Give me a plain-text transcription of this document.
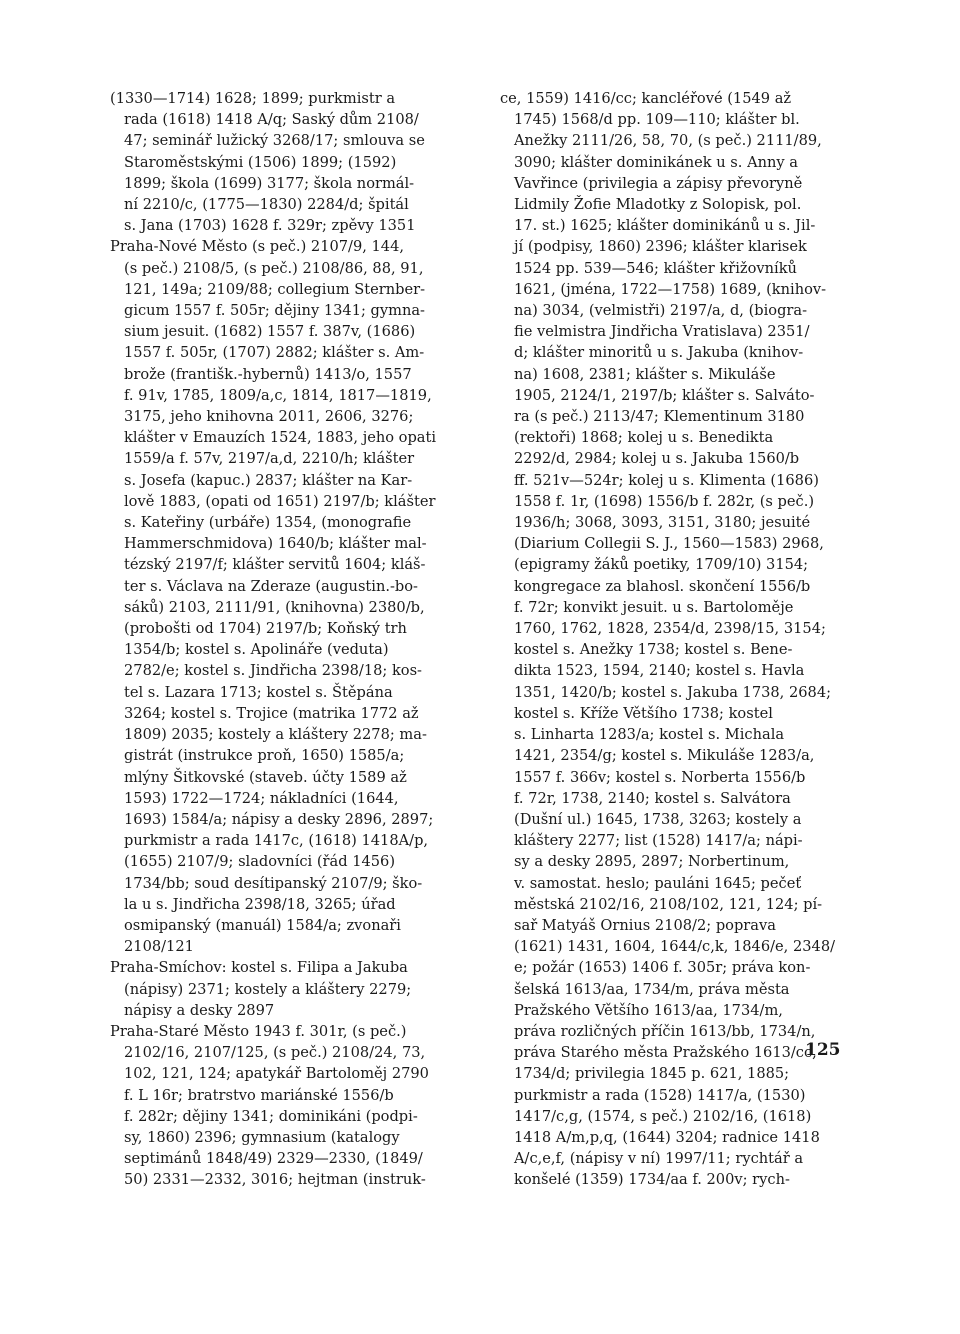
(1330—1714) 1628; 1899; purkmistr a
rada (1618) 1418 A/q; Saský dům 2108/
47; seminář lužický 3268/17; smlouva se
Staroměstskými (1506) 1899; (1592)
1899; škola (1699) 3177; škola normál-
ní 2210/c, (1775—1830) 2284/d; špitál
s. Jana (1703) 1628 f. 329r; zpěvy 1351
Praha-Nové Město (s peč.) 2107/9, 144,
(s peč.) 2108/5, (s peč.) 2108/86, 88, 91,
121, 149a; 2109/88; collegium Sternber-
gicum 1557 f. 505r; dějiny 1341; gymna-
sium jesuit. (1682) 1557 f. 387v, (1686)
1557 f. 505r, (1707) 2882; klášter s. Am-
brože (františk.-hybernů) 1413/o, 1557
f. 91v, 1785, 1809/a,c, 1814, 1817—1819,
3175, jeho knihovna 2011, 2606, 3276;
klášter v Emauzích 1524, 1883, jeho opati
1559/a f. 57v, 2197/a,d, 2210/h; klášter
s. Josefa (kapuc.) 2837; klášter na Kar-
lově 1883, (opati od 1651) 2197/b; klášter
s. Kateřiny (urbáře) 1354, (monografie
Hammerschmidova) 1640/b; klášter mal-
tézský 2197/f; klášter servitů 1604; kláš-
ter s. Václava na Zderaze (augustin.-bo-
sáků) 2103, 2111/91, (knihovna) 2380/b,
(probošti od 1704) 2197/b; Koňský trh
1354/b; kostel s. Apolináře (veduta)
2782/e; kostel s. Jindřicha 2398/18; kos-
tel s. Lazara 1713; kostel s. Štěpána
3264; kostel s. Trojice (matrika 1772 až
1809) 2035; kostely a kláštery 2278; ma-
gistrát (instrukce proň, 1650) 1585/a;
mlýny Šitkovské (staveb. účty 1589 až
1593) 1722—1724; nákladníci (1644,
1693) 1584/a; nápisy a desky 2896, 2897;
purkmistr a rada 1417c, (1618) 1418A/p,
(1655) 2107/9; sladovníci (řád 1456)
1734/bb; soud desítipanský 2107/9; ško-
la u s. Jindřicha 2398/18, 3265; úřad
osmipanský (manuál) 1584/a; zvonaři
2108/121
Praha-Smíchov: kostel s. Filipa a Jakuba
(nápisy) 2371; kostely a kláštery 2279;
nápisy a desky 2897
Praha-Staré Město 1943 f. 301r, (s peč.)
2102/16, 2107/125, (s peč.) 2108/24, 73,
102, 121, 124; apatykář Bartoloměj 2790
f. L 16r; bratrstvo mariánské 1556/b
f. 282r; dějiny 1341; dominikáni (podpi-
sy, 1860) 2396; gymnasium (katalogy
septimánů 1848/49) 2329—2330, (1849/
50) 2331—2332, 3016; hejtman (instruk-
ce, 1559) 1416/cc; kancléřové (1549 až
1745) 1568/d pp. 109—110; klášter bl.
Anežky 2111/26, 58, 70, (s peč.) 2111/89,
3090; klášter dominikánek u s. Anny a
Vavřince (privilegia a zápisy převoryně
Lidmily Žofie Mladotky z Solopisk, pol.
17. st.) 1625; klášter dominikánů u s. Jil-
jí (podpisy, 1860) 2396; klášter klarisek
1524 pp. 539—546; klášter křižovníků
1621, (jména, 1722—1758) 1689, (knihov-
na) 3034, (velmistři) 2197/a, d, (biogra-
fie velmistra Jindřicha Vratislava) 2351/
d; klášter minoritů u s. Jakuba (knihov-
na) 1608, 2381; klášter s. Mikuláše
1905, 2124/1, 2197/b; klášter s. Salváto-
ra (s peč.) 2113/47; Klementinum 3180
(rektoři) 1868; kolej u s. Benedikta
2292/d, 2984; kolej u s. Jakuba 1560/b
ff. 521v—524r; kolej u s. Klimenta (1686)
1558 f. 1r, (1698) 1556/b f. 282r, (s peč.)
1936/h; 3068, 3093, 3151, 3180; jesuité
(Diarium Collegii S. J., 1560—1583) 2968,
(epigramy žáků poetiky, 1709/10) 3154;
kongregace za blahosl. skončení 1556/b
f. 72r; konvikt jesuit. u s. Bartoloměje
1760, 1762, 1828, 2354/d, 2398/15, 3154;
kostel s. Anežky 1738; kostel s. Bene-
dikta 1523, 1594, 2140; kostel s. Havla
1351, 1420/b; kostel s. Jakuba 1738, 2684;
kostel s. Kříže Většího 1738; kostel
s. Linharta 1283/a; kostel s. Michala
1421, 2354/g; kostel s. Mikuláše 1283/a,
1557 f. 366v; kostel s. Norberta 1556/b
f. 72r, 1738, 2140; kostel s. Salvátora
(Dušní ul.) 1645, 1738, 3263; kostely a
kláštery 2277; list (1528) 1417/a; nápi-
sy a desky 2895, 2897; Norbertinum,
v. samostat. heslo; pauláni 1645; pečeť
městská 2102/16, 2108/102, 121, 124; pí-
sař Matyáš Ornius 2108/2; poprava
(1621) 1431, 1604, 1644/c,k, 1846/e, 2348/
e; požár (1653) 1406 f. 305r; práva kon-
šelská 1613/aa, 1734/m, práva města
Pražského Většího 1613/aa, 1734/m,
práva rozličných příčin 1613/bb, 1734/n,
práva Starého města Pražského 1613/cc,
1734/d; privilegia 1845 p. 621, 1885;
purkmistr a rada (1528) 1417/a, (1530)
1417/c,g, (1574, s peč.) 2102/16, (1618)
1418 A/m,p,q, (1644) 3204; radnice 1418
A/c,e,f, (nápisy v ní) 1997/11; rychtář a
konšelé (1359) 1734/aa f. 200v; rych-
125
